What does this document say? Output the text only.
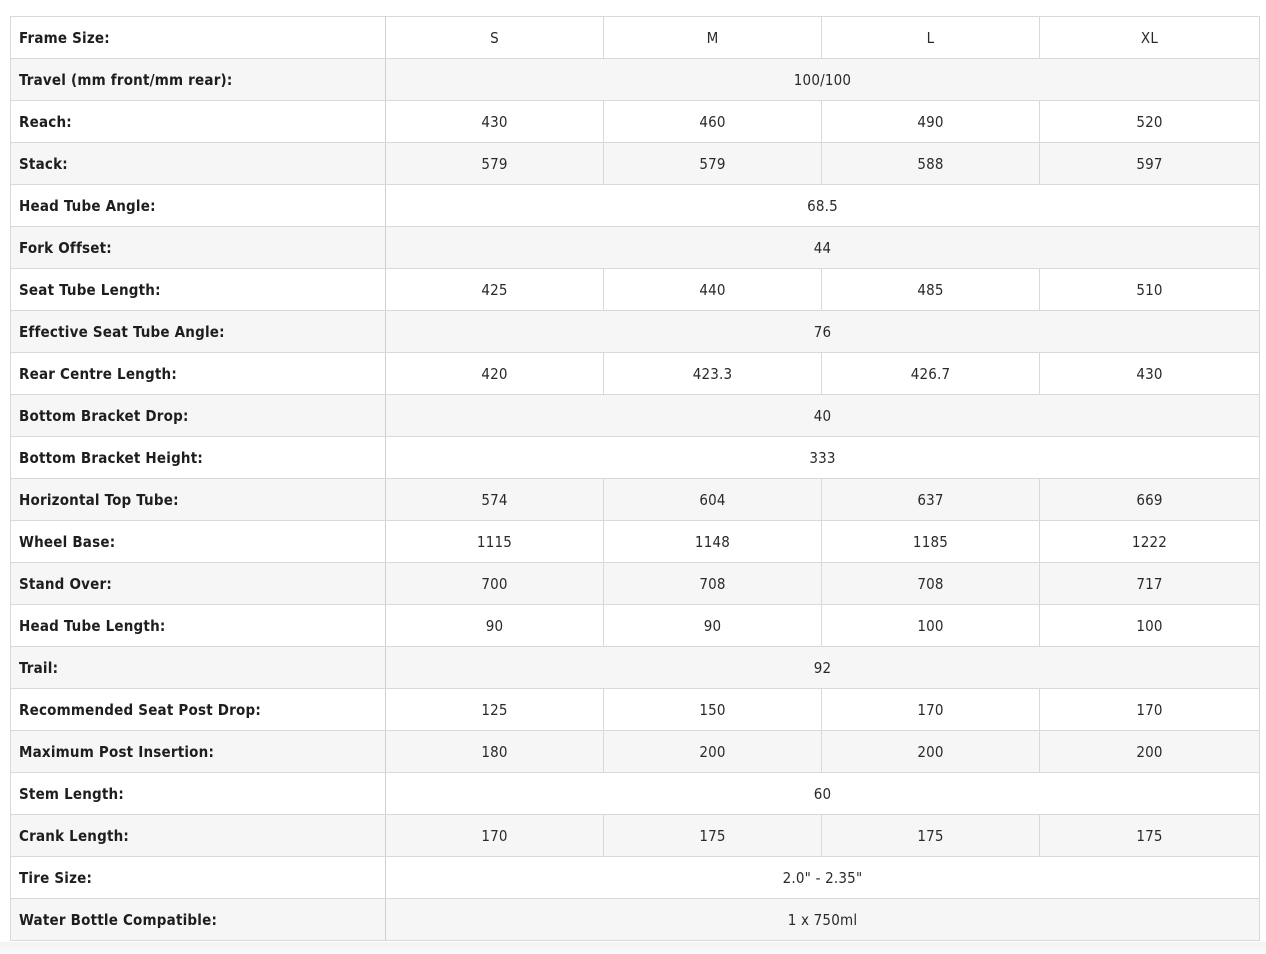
Frame Size:	S	M	L	XL
Travel (mm front/mm rear):	100/100			
Reach:	430	460	490	520
Stack:	579	579	588	597
Head Tube Angle:	68.5			
Fork Offset:	44			
Seat Tube Length:	425	440	485	510
Effective Seat Tube Angle:	76			
Rear Centre Length:	420	423.3	426.7	430
Bottom Bracket Drop:	40			
Bottom Bracket Height:	333			
Horizontal Top Tube:	574	604	637	669
Wheel Base:	1115	1148	1185	1222
Stand Over:	700	708	708	717
Head Tube Length:	90	90	100	100
Trail:	92			
Recommended Seat Post Drop:	125	150	170	170
Maximum Post Insertion:	180	200	200	200
Stem Length:	60			
Crank Length:	170	175	175	175
Tire Size:	2.0" - 2.35"			
Water Bottle Compatible:	1 x 750ml			
